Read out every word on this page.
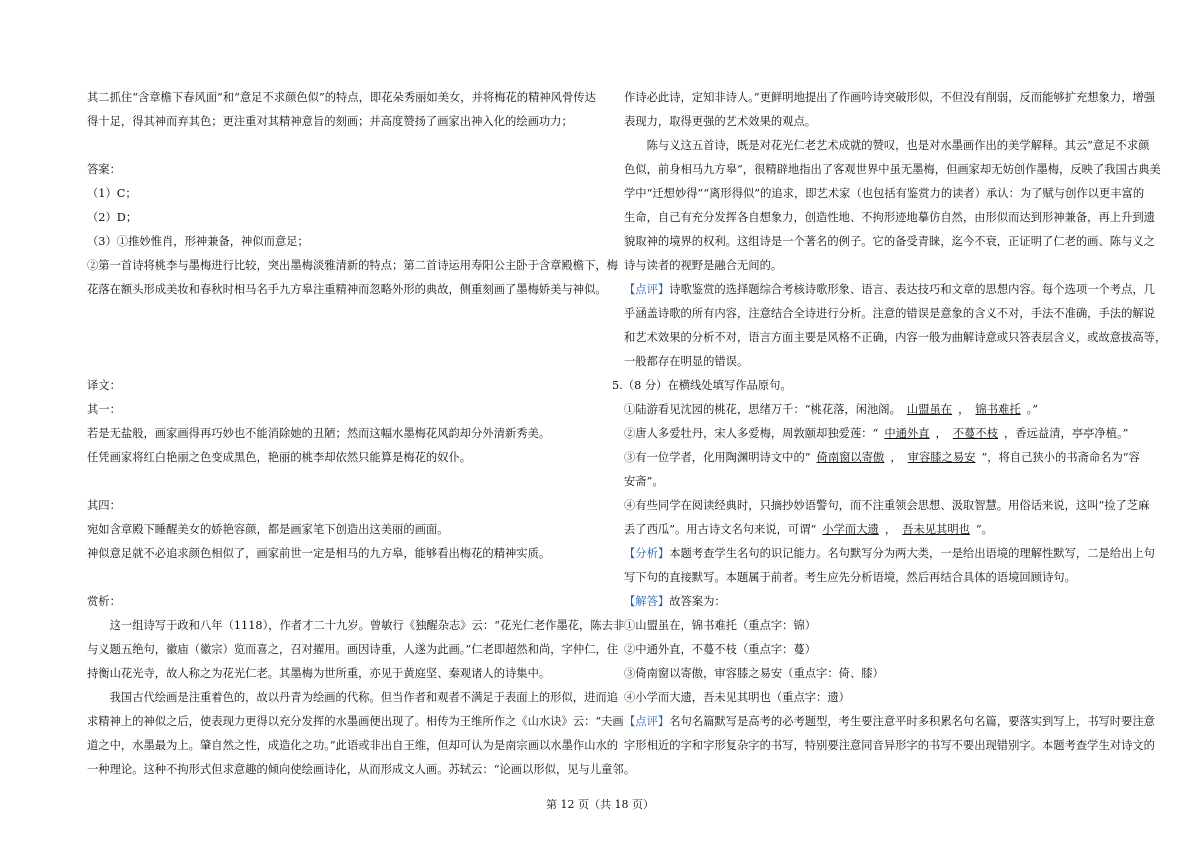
其二抓住“含章檐下春风面”和“意足不求颜色似”的特点，即花朵秀丽如美女，并将梅花的精神风骨传达

得十足，得其神而弃其色；更注重对其精神意旨的刻画；并高度赞扬了画家出神入化的绘画功力；

答案：

（1）C；

（2）D；

（3）①推妙惟肖，形神兼备，神似而意足；

②第一首诗将桃李与墨梅进行比较，突出墨梅淡雅清新的特点；第二首诗运用寿阳公主卧于含章殿檐下，梅

花落在额头形成美妆和春秋时相马名手九方皋注重精神而忽略外形的典故，侧重刻画了墨梅娇美与神似。

译文：

其一：

若是无盐般，画家画得再巧妙也不能消除她的丑陋；然而这幅水墨梅花风韵却分外清新秀美。

任凭画家将红白艳丽之色变成黑色，艳丽的桃李却依然只能算是梅花的奴仆。

其四：

宛如含章殿下睡醒美女的娇艳容颜，都是画家笔下创造出这美丽的画面。

神似意足就不必追求颜色相似了，画家前世一定是相马的九方皋，能够看出梅花的精神实质。

赏析：

这一组诗写于政和八年（1118），作者才二十九岁。曾敏行《独醒杂志》云：“花光仁老作墨花，陈去非

与义题五绝句，徽庙（徽宗）览而喜之，召对擢用。画因诗重，人遂为此画。”仁老即超然和尚，字仲仁，住

持衡山花光寺，故人称之为花光仁老。其墨梅为世所重，亦见于黄庭坚、秦观诸人的诗集中。

我国古代绘画是注重着色的，故以丹青为绘画的代称。但当作者和观者不满足于表面上的形似，进而追

求精神上的神似之后，使表现力更得以充分发挥的水墨画便出现了。相传为王维所作之《山水诀》云：“夫画

道之中，水墨最为上。肇自然之性，成造化之功。”此语或非出自王维，但却可认为是南宗画以水墨作山水的

一种理论。这种不拘形式但求意趣的倾向使绘画诗化，从而形成文人画。苏轼云：“论画以形似，见与儿童邻。

作诗必此诗，定知非诗人。”更鲜明地提出了作画吟诗突破形似，不但没有削弱，反而能够扩充想象力，增强

表现力，取得更强的艺术效果的观点。

陈与义这五首诗，既是对花光仁老艺术成就的赞叹，也是对水墨画作出的美学解释。其云“意足不求颜

色似，前身相马九方皋”，很精辟地指出了客观世界中虽无墨梅，但画家却无妨创作墨梅，反映了我国古典美

学中“迁想妙得”“离形得似”的追求，即艺术家（也包括有鉴赏力的读者）承认：为了赋与创作以更丰富的

生命，自己有充分发挥各自想象力，创造性地、不拘形迹地摹仿自然，由形似而达到形神兼备，再上升到遗

貌取神的境界的权利。这组诗是一个著名的例子。它的备受青睐，迄今不衰，正证明了仁老的画、陈与义之

诗与读者的视野是融合无间的。

【点评】诗歌鉴赏的选择题综合考核诗歌形象、语言、表达技巧和文章的思想内容。每个选项一个考点，几

乎涵盖诗歌的所有内容，注意结合全诗进行分析。注意的错误是意象的含义不对，手法不准确，手法的解说

和艺术效果的分析不对，语言方面主要是风格不正确，内容一般为曲解诗意或只答表层含义，或故意拔高等，

一般都存在明显的错误。

5.（8 分）在横线处填写作品原句。

①陆游看见沈园的桃花，思绪万千：“桃花落，闲池阁。 山盟虽在 ， 锦书难托 。”

②唐人多爱牡丹，宋人多爱梅，周敦颐却独爱莲：“ 中通外直 ， 不蔓不枝 ，香远益清，亭亭净植。”

③有一位学者，化用陶渊明诗文中的“ 倚南窗以寄傲 ， 审容膝之易安 ”，将自己狭小的书斋命名为“容

安斋”。

④有些同学在阅读经典时，只摘抄妙语警句，而不注重领会思想、汲取智慧。用俗话来说，这叫“捡了芝麻

丢了西瓜”。用古诗文名句来说，可谓“ 小学而大遗 ， 吾未见其明也 ”。

【分析】本题考查学生名句的识记能力。名句默写分为两大类，一是给出语境的理解性默写，二是给出上句

写下句的直接默写。本题属于前者。考生应先分析语境，然后再结合具体的语境回顾诗句。

【解答】故答案为：

①山盟虽在，锦书难托（重点字：锦）

②中通外直，不蔓不枝（重点字：蔓）

③倚南窗以寄傲，审容膝之易安（重点字：倚、膝）

④小学而大遗，吾未见其明也（重点字：遗）

【点评】名句名篇默写是高考的必考题型，考生要注意平时多积累名句名篇，要落实到写上，书写时要注意

字形相近的字和字形复杂字的书写，特别要注意同音异形字的书写不要出现错别字。本题考查学生对诗文的

第 12 页（共 18 页）
